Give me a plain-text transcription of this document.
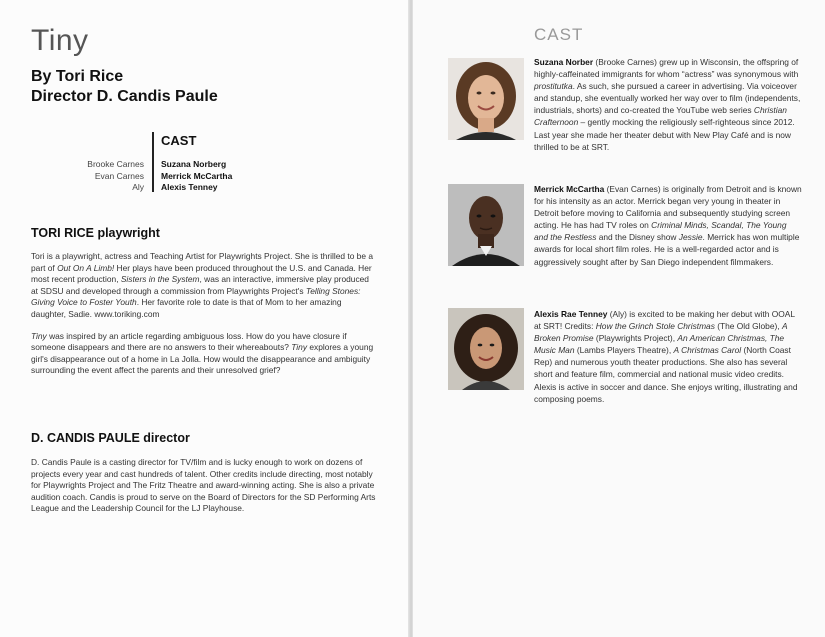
Tiny
By Tori Rice
Director D. Candis Paule
CAST
Brooke Carnes
Evan Carnes
Aly
Suzana Norberg
Merrick McCartha
Alexis Tenney
TORI RICE playwright

Tori is a playwright, actress and Teaching Artist for Playwrights Project. She is thrilled to be a part of Out On A Limb! Her plays have been produced throughout the U.S. and Canada. Her most recent production, Sisters in the System, was an interactive, immersive play produced at SDSU and developed through a commission from Playwrights Project's Telling Stones: Giving Voice to Foster Youth. Her favorite role to date is that of Mom to her amazing daughter, Sadie. www.toriking.com

Tiny was inspired by an article regarding ambiguous loss. How do you have closure if someone disappears and there are no answers to their whereabouts? Tiny explores a young girl's disappearance out of a home in La Jolla. How would the disappearance and ambiguity surrounding the event affect the parents and their unresolved grief?

D. CANDIS PAULE director

D. Candis Paule is a casting director for TV/film and is lucky enough to work on dozens of projects every year and cast hundreds of talent. Other credits include directing, most notably for Playwrights Project and The Fritz Theatre and award-winning acting. She is also a private audition coach. Candis is proud to serve on the Board of Directors for the SD Performing Arts League and the Leadership Council for the LJ Playhouse.

CAST
Suzana Norber (Brooke Carnes) grew up in Wisconsin, the offspring of highly-caffeinated immigrants for whom “actress” was synonymous with prostitutka. As such, she pursued a career in advertising. Via voiceover and standup, she eventually worked her way over to film (independents, industrials, shorts) and co-created the YouTube web series Christian Crafternoon – gently mocking the religiously self-righteous since 2012. Last year she made her theater debut with New Play Café and is now thrilled to be at SRT.
Merrick McCartha (Evan Carnes) is originally from Detroit and is known for his intensity as an actor. Merrick began very young in theater in Detroit before moving to California and subsequently studying screen acting. He has had TV roles on Criminal Minds, Scandal, The Young and the Restless and the Disney show Jessie. Merrick has won multiple awards for local short film roles. He is a well-regarded actor and is aggressively sought after by San Diego independent filmmakers.
Alexis Rae Tenney (Aly) is excited to be making her debut with OOAL at SRT! Credits: How the Grinch Stole Christmas (The Old Globe), A Broken Promise (Playwrights Project), An American Christmas, The Music Man (Lambs Players Theatre), A Christmas Carol (North Coast Rep) and numerous youth theater productions. She also has several short and feature film, commercial and national music video credits. Alexis is active in soccer and dance. She enjoys writing, illustrating and composing poems.
